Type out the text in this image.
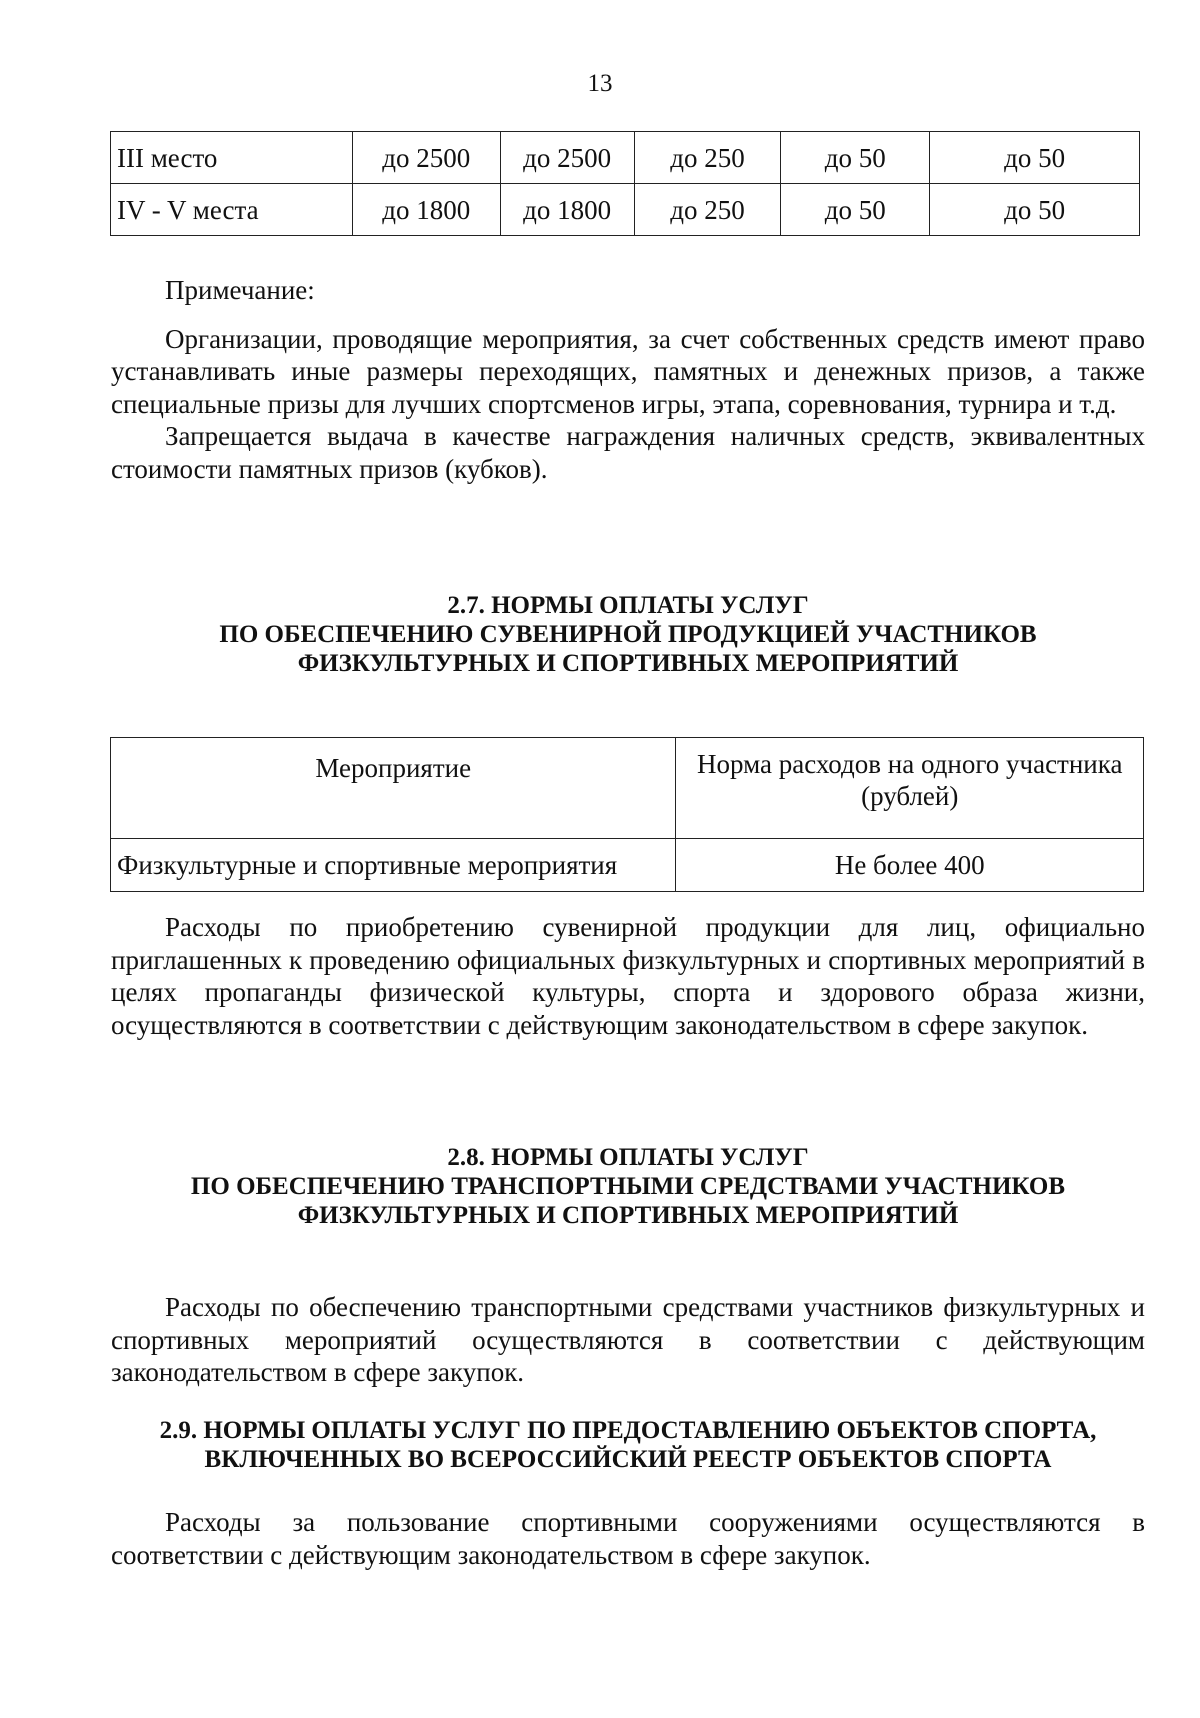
13
III место	до 2500	до 2500	до 250	до 50	до 50
IV - V места	до 1800	до 1800	до 250	до 50	до 50

Примечание:

Организации, проводящие мероприятия, за счет собственных средств имеют право устанавливать иные размеры переходящих, памятных и денежных призов, а также специальные призы для лучших спортсменов игры, этапа, соревнования, турнира и т.д.

Запрещается выдача в качестве награждения наличных средств, эквивалентных стоимости памятных призов (кубков).

2.7. НОРМЫ ОПЛАТЫ УСЛУГ
ПО ОБЕСПЕЧЕНИЮ СУВЕНИРНОЙ ПРОДУКЦИЕЙ УЧАСТНИКОВ
ФИЗКУЛЬТУРНЫХ И СПОРТИВНЫХ МЕРОПРИЯТИЙ
Мероприятие	Норма расходов на одного участника (рублей)
Физкультурные и спортивные мероприятия	Не более 400

Расходы по приобретению сувенирной продукции для лиц, официально приглашенных к проведению официальных физкультурных и спортивных мероприятий в целях пропаганды физической культуры, спорта и здорового образа жизни, осуществляются в соответствии с действующим законодательством в сфере закупок.

2.8. НОРМЫ ОПЛАТЫ УСЛУГ
ПО ОБЕСПЕЧЕНИЮ ТРАНСПОРТНЫМИ СРЕДСТВАМИ УЧАСТНИКОВ
ФИЗКУЛЬТУРНЫХ И СПОРТИВНЫХ МЕРОПРИЯТИЙ

Расходы по обеспечению транспортными средствами участников физкультурных и спортивных мероприятий осуществляются в соответствии с действующим законодательством в сфере закупок.

2.9. НОРМЫ ОПЛАТЫ УСЛУГ ПО ПРЕДОСТАВЛЕНИЮ ОБЪЕКТОВ СПОРТА,
ВКЛЮЧЕННЫХ ВО ВСЕРОССИЙСКИЙ РЕЕСТР ОБЪЕКТОВ СПОРТА

Расходы за пользование спортивными сооружениями осуществляются в соответствии с действующим законодательством в сфере закупок.
